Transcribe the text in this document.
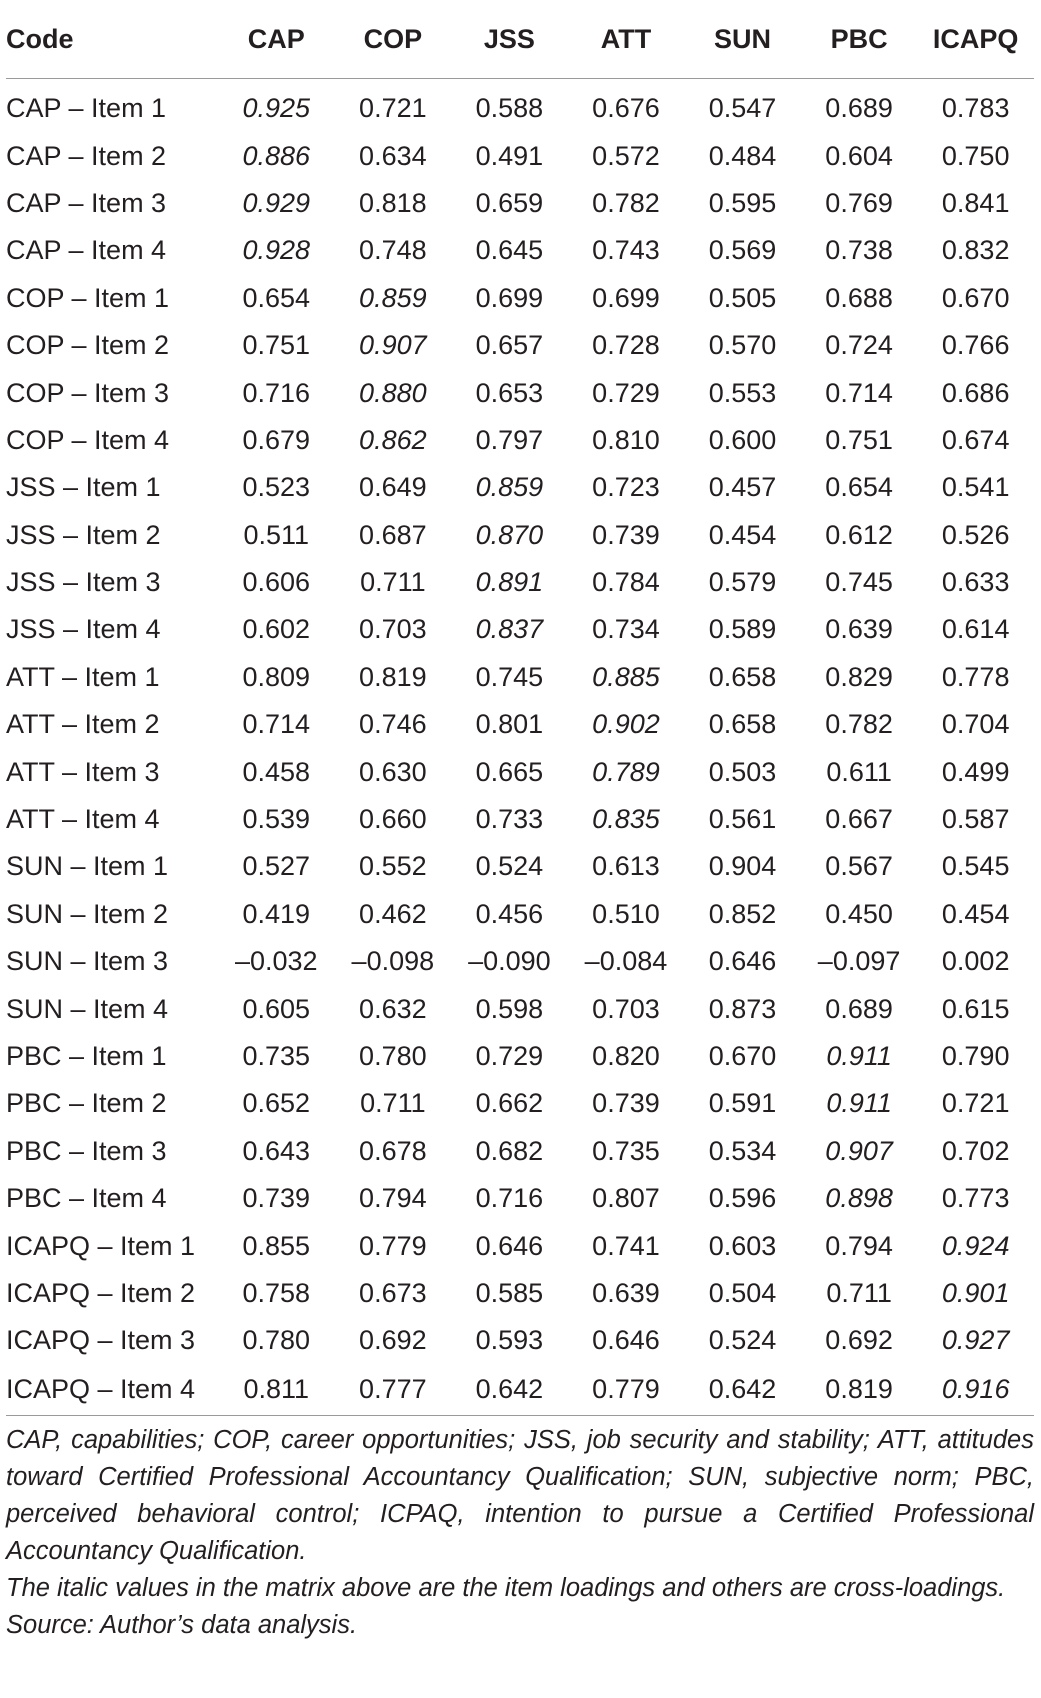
Code	CAP	COP	JSS	ATT	SUN	PBC	ICAPQ
CAP – Item 1	0.925	0.721	0.588	0.676	0.547	0.689	0.783
CAP – Item 2	0.886	0.634	0.491	0.572	0.484	0.604	0.750
CAP – Item 3	0.929	0.818	0.659	0.782	0.595	0.769	0.841
CAP – Item 4	0.928	0.748	0.645	0.743	0.569	0.738	0.832
COP – Item 1	0.654	0.859	0.699	0.699	0.505	0.688	0.670
COP – Item 2	0.751	0.907	0.657	0.728	0.570	0.724	0.766
COP – Item 3	0.716	0.880	0.653	0.729	0.553	0.714	0.686
COP – Item 4	0.679	0.862	0.797	0.810	0.600	0.751	0.674
JSS – Item 1	0.523	0.649	0.859	0.723	0.457	0.654	0.541
JSS – Item 2	0.511	0.687	0.870	0.739	0.454	0.612	0.526
JSS – Item 3	0.606	0.711	0.891	0.784	0.579	0.745	0.633
JSS – Item 4	0.602	0.703	0.837	0.734	0.589	0.639	0.614
ATT – Item 1	0.809	0.819	0.745	0.885	0.658	0.829	0.778
ATT – Item 2	0.714	0.746	0.801	0.902	0.658	0.782	0.704
ATT – Item 3	0.458	0.630	0.665	0.789	0.503	0.611	0.499
ATT – Item 4	0.539	0.660	0.733	0.835	0.561	0.667	0.587
SUN – Item 1	0.527	0.552	0.524	0.613	0.904	0.567	0.545
SUN – Item 2	0.419	0.462	0.456	0.510	0.852	0.450	0.454
SUN – Item 3	–0.032	–0.098	–0.090	–0.084	0.646	–0.097	0.002
SUN – Item 4	0.605	0.632	0.598	0.703	0.873	0.689	0.615
PBC – Item 1	0.735	0.780	0.729	0.820	0.670	0.911	0.790
PBC – Item 2	0.652	0.711	0.662	0.739	0.591	0.911	0.721
PBC – Item 3	0.643	0.678	0.682	0.735	0.534	0.907	0.702
PBC – Item 4	0.739	0.794	0.716	0.807	0.596	0.898	0.773
ICAPQ – Item 1	0.855	0.779	0.646	0.741	0.603	0.794	0.924
ICAPQ – Item 2	0.758	0.673	0.585	0.639	0.504	0.711	0.901
ICAPQ – Item 3	0.780	0.692	0.593	0.646	0.524	0.692	0.927
ICAPQ – Item 4	0.811	0.777	0.642	0.779	0.642	0.819	0.916

CAP, capabilities; COP, career opportunities; JSS, job security and stability; ATT, attitudes toward Certified Professional Accountancy Qualification; SUN, subjective norm; PBC, perceived behavioral control; ICPAQ, intention to pursue a Certified Professional Accountancy Qualification.

The italic values in the matrix above are the item loadings and others are cross-loadings.

Source: Author’s data analysis.
